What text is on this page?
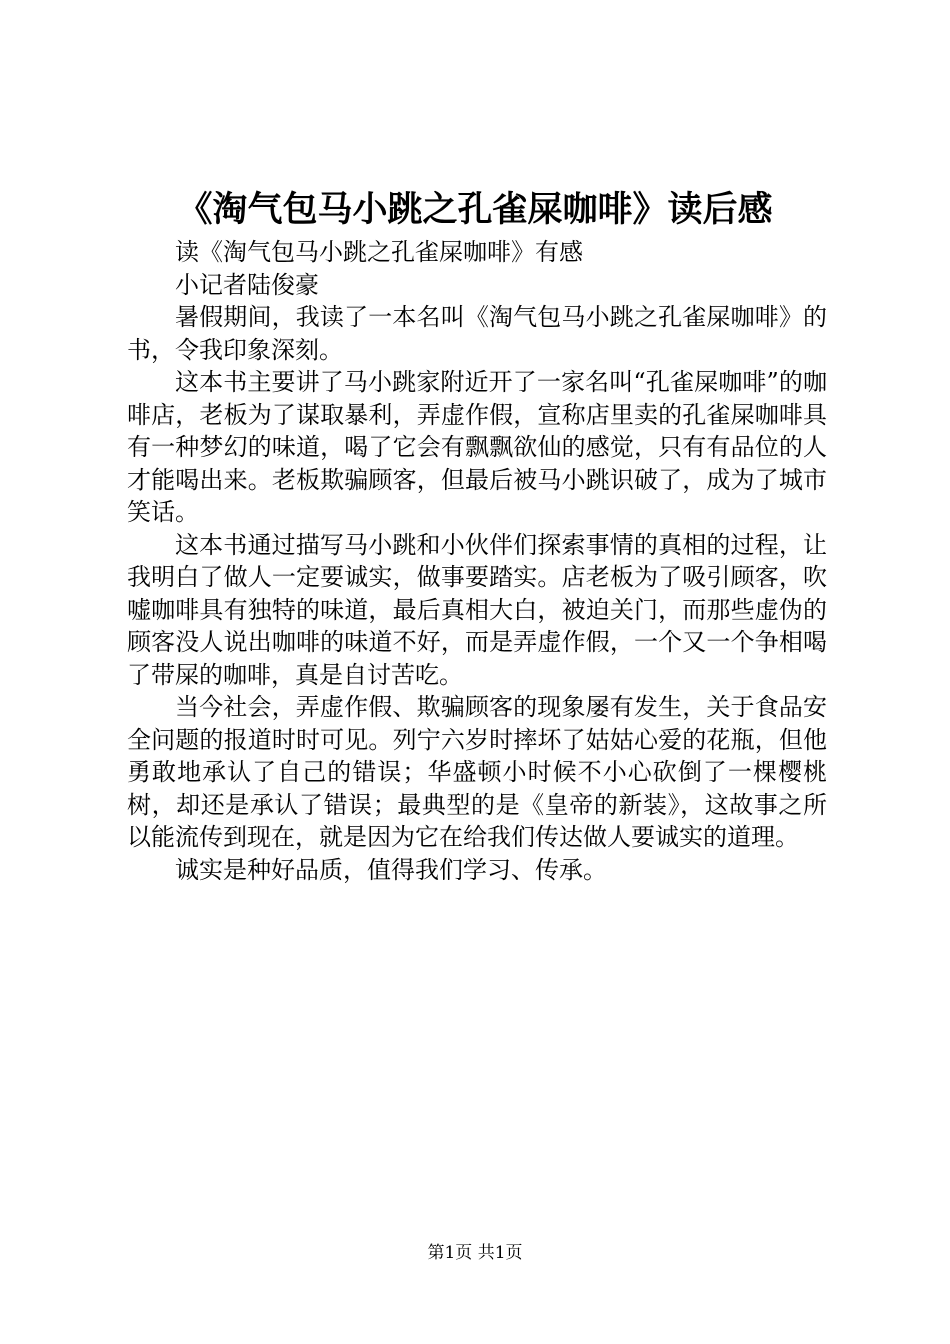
《淘气包马小跳之孔雀屎咖啡》读后感

读《淘气包马小跳之孔雀屎咖啡》有感

小记者陆俊豪

暑假期间，我读了一本名叫《淘气包马小跳之孔雀屎咖啡》的书，令我印象深刻。

这本书主要讲了马小跳家附近开了一家名叫“孔雀屎咖啡”的咖啡店，老板为了谋取暴利，弄虚作假，宣称店里卖的孔雀屎咖啡具有一种梦幻的味道，喝了它会有飘飘欲仙的感觉，只有有品位的人才能喝出来。老板欺骗顾客，但最后被马小跳识破了，成为了城市笑话。

这本书通过描写马小跳和小伙伴们探索事情的真相的过程，让我明白了做人一定要诚实，做事要踏实。店老板为了吸引顾客，吹嘘咖啡具有独特的味道，最后真相大白，被迫关门，而那些虚伪的顾客没人说出咖啡的味道不好，而是弄虚作假，一个又一个争相喝了带屎的咖啡，真是自讨苦吃。

当今社会，弄虚作假、欺骗顾客的现象屡有发生，关于食品安全问题的报道时时可见。列宁六岁时摔坏了姑姑心爱的花瓶，但他勇敢地承认了自己的错误；华盛顿小时候不小心砍倒了一棵樱桃树，却还是承认了错误；最典型的是《皇帝的新装》，这故事之所以能流传到现在，就是因为它在给我们传达做人要诚实的道理。

诚实是种好品质，值得我们学习、传承。

第1页 共1页
